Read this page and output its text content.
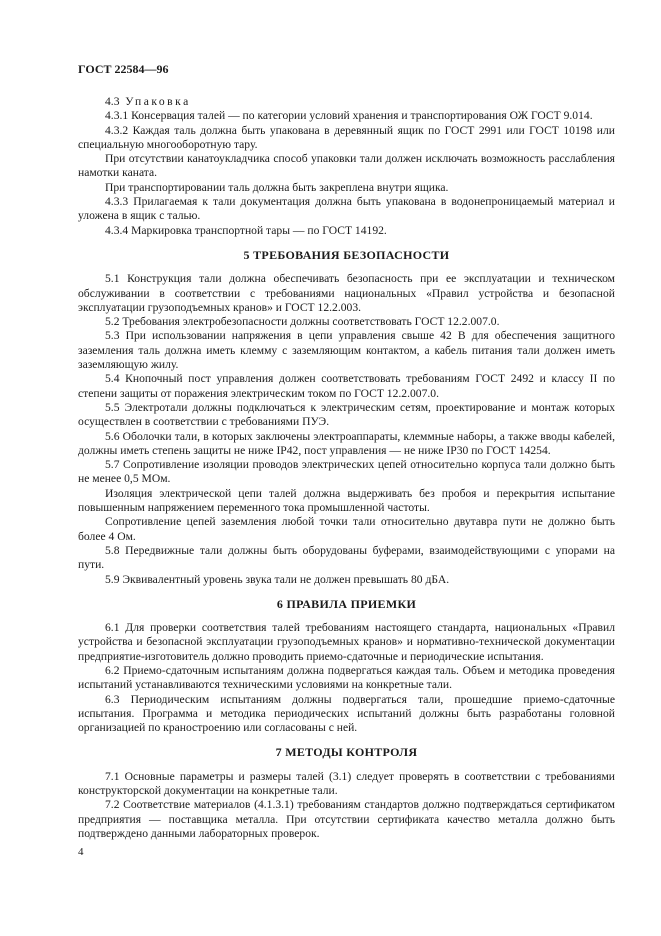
ГОСТ 22584—96

4.3 Упаковка

4.3.1 Консервация талей — по категории условий хранения и транспортирования ОЖ ГОСТ 9.014.

4.3.2 Каждая таль должна быть упакована в деревянный ящик по ГОСТ 2991 или ГОСТ 10198 или специальную многооборотную тару.

При отсутствии канатоукладчика способ упаковки тали должен исключать возможность расслабления намотки каната.

При транспортировании таль должна быть закреплена внутри ящика.

4.3.3 Прилагаемая к тали документация должна быть упакована в водонепроницаемый материал и уложена в ящик с талью.

4.3.4 Маркировка транспортной тары — по ГОСТ 14192.

5 ТРЕБОВАНИЯ БЕЗОПАСНОСТИ

5.1 Конструкция тали должна обеспечивать безопасность при ее эксплуатации и техническом обслуживании в соответствии с требованиями национальных «Правил устройства и безопасной эксплуатации грузоподъемных кранов» и ГОСТ 12.2.003.

5.2 Требования электробезопасности должны соответствовать ГОСТ 12.2.007.0.

5.3 При использовании напряжения в цепи управления свыше 42 В для обеспечения защитного заземления таль должна иметь клемму с заземляющим контактом, а кабель питания тали должен иметь заземляющую жилу.

5.4 Кнопочный пост управления должен соответствовать требованиям ГОСТ 2492 и классу II по степени защиты от поражения электрическим током по ГОСТ 12.2.007.0.

5.5 Электротали должны подключаться к электрическим сетям, проектирование и монтаж которых осуществлен в соответствии с требованиями ПУЭ.

5.6 Оболочки тали, в которых заключены электроаппараты, клеммные наборы, а также вводы кабелей, должны иметь степень защиты не ниже IP42, пост управления — не ниже IP30 по ГОСТ 14254.

5.7 Сопротивление изоляции проводов электрических цепей относительно корпуса тали должно быть не менее 0,5 МОм.

Изоляция электрической цепи талей должна выдерживать без пробоя и перекрытия испытание повышенным напряжением переменного тока промышленной частоты.

Сопротивление цепей заземления любой точки тали относительно двутавра пути не должно быть более 4 Ом.

5.8 Передвижные тали должны быть оборудованы буферами, взаимодействующими с упорами на пути.

5.9 Эквивалентный уровень звука тали не должен превышать 80 дБА.

6 ПРАВИЛА ПРИЕМКИ

6.1 Для проверки соответствия талей требованиям настоящего стандарта, национальных «Правил устройства и безопасной эксплуатации грузоподъемных кранов» и нормативно-технической документации предприятие-изготовитель должно проводить приемо-сдаточные и периодические испытания.

6.2 Приемо-сдаточным испытаниям должна подвергаться каждая таль. Объем и методика проведения испытаний устанавливаются техническими условиями на конкретные тали.

6.3 Периодическим испытаниям должны подвергаться тали, прошедшие приемо-сдаточные испытания. Программа и методика периодических испытаний должны быть разработаны головной организацией по краностроению или согласованы с ней.

7 МЕТОДЫ КОНТРОЛЯ

7.1 Основные параметры и размеры талей (3.1) следует проверять в соответствии с требованиями конструкторской документации на конкретные тали.

7.2 Соответствие материалов (4.1.3.1) требованиям стандартов должно подтверждаться сертификатом предприятия — поставщика металла. При отсутствии сертификата качество металла должно быть подтверждено данными лабораторных проверок.

4
